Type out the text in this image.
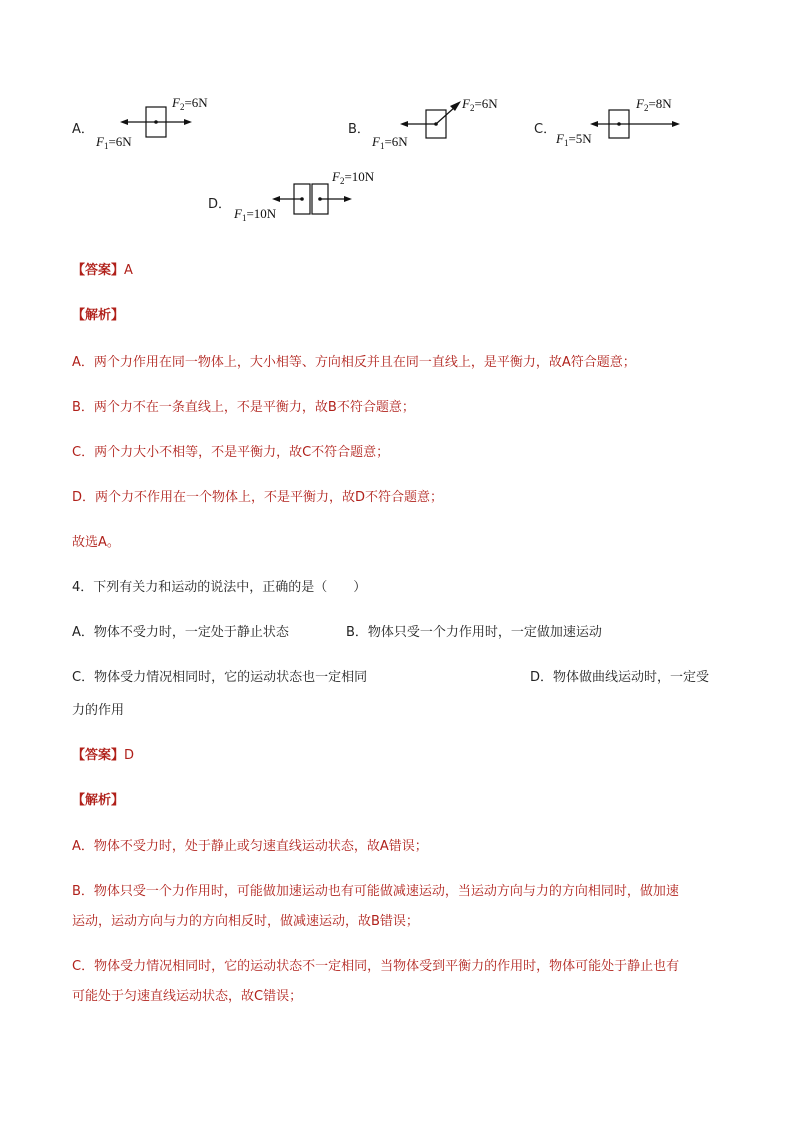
A．
F2=6N
F1=6N
B．
F2=6N
F1=6N
C．
F2=8N
F1=5N
D．
F2=10N
F1=10N
【答案】A
【解析】
A．两个力作用在同一物体上，大小相等、方向相反并且在同一直线上，是平衡力，故A符合题意；
B．两个力不在一条直线上，不是平衡力，故B不符合题意；
C．两个力大小不相等，不是平衡力，故C不符合题意；
D．两个力不作用在一个物体上，不是平衡力，故D不符合题意；
故选A。
4．下列有关力和运动的说法中，正确的是（　　）
A．物体不受力时，一定处于静止状态	B．物体只受一个力作用时，一定做加速运动
C．物体受力情况相同时，它的运动状态也一定相同	D．物体做曲线运动时，一定受
力的作用
【答案】D
【解析】
A．物体不受力时，处于静止或匀速直线运动状态，故A错误；
B．物体只受一个力作用时，可能做加速运动也有可能做减速运动，当运动方向与力的方向相同时，做加速
运动，运动方向与力的方向相反时，做减速运动，故B错误；
C．物体受力情况相同时，它的运动状态不一定相同，当物体受到平衡力的作用时，物体可能处于静止也有
可能处于匀速直线运动状态，故C错误；
